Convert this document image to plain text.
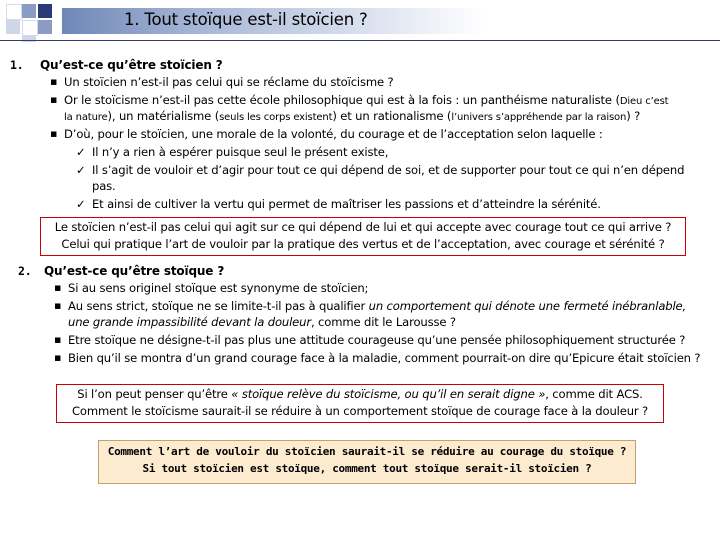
1. Tout stoïque est-il stoïcien ?
1. Qu’est-ce qu’être stoïcien ?
▪ Un stoïcien n’est-il pas celui qui se réclame du stoïcisme ?
▪ Or le stoïcisme n’est-il pas cette école philosophique qui est à la fois : un panthéisme naturaliste (Dieu c’est
la nature), un matérialisme (seuls les corps existent) et un rationalisme (l’univers s’appréhende par la raison) ?
▪ D’où, pour le stoïcien, une morale de la volonté, du courage et de l’acceptation selon laquelle :
✓ Il n’y a rien à espérer puisque seul le présent existe,
✓ Il s’agit de vouloir et d’agir pour tout ce qui dépend de soi, et de supporter pour tout ce qui n’en dépend
pas.
✓ Et ainsi de cultiver la vertu qui permet de maîtriser les passions et d’atteindre la sérénité.
Le stoïcien n’est-il pas celui qui agit sur ce qui dépend de lui et qui accepte avec courage tout ce qui arrive ?
Celui qui pratique l’art de vouloir par la pratique des vertus et de l’acceptation, avec courage et sérénité ?
2. Qu’est-ce qu’être stoïque ?
▪ Si au sens originel stoïque est synonyme de stoïcien;
▪ Au sens strict, stoïque ne se limite-t-il pas à qualifier un comportement qui dénote une fermeté inébranlable,
une grande impassibilité devant la douleur, comme dit le Larousse ?
▪ Etre stoïque ne désigne-t-il pas plus une attitude courageuse qu’une pensée philosophiquement structurée ?
▪ Bien qu’il se montra d’un grand courage face à la maladie, comment pourrait-on dire qu’Epicure était stoïcien ?
Si l’on peut penser qu’être « stoïque relève du stoïcisme, ou qu’il en serait digne », comme dit ACS.
Comment le stoïcisme saurait-il se réduire à un comportement stoïque de courage face à la douleur ?
Comment l’art de vouloir du stoïcien saurait-il se réduire au courage du stoïque ?
Si tout stoïcien est stoïque, comment tout stoïque serait-il stoïcien ?
